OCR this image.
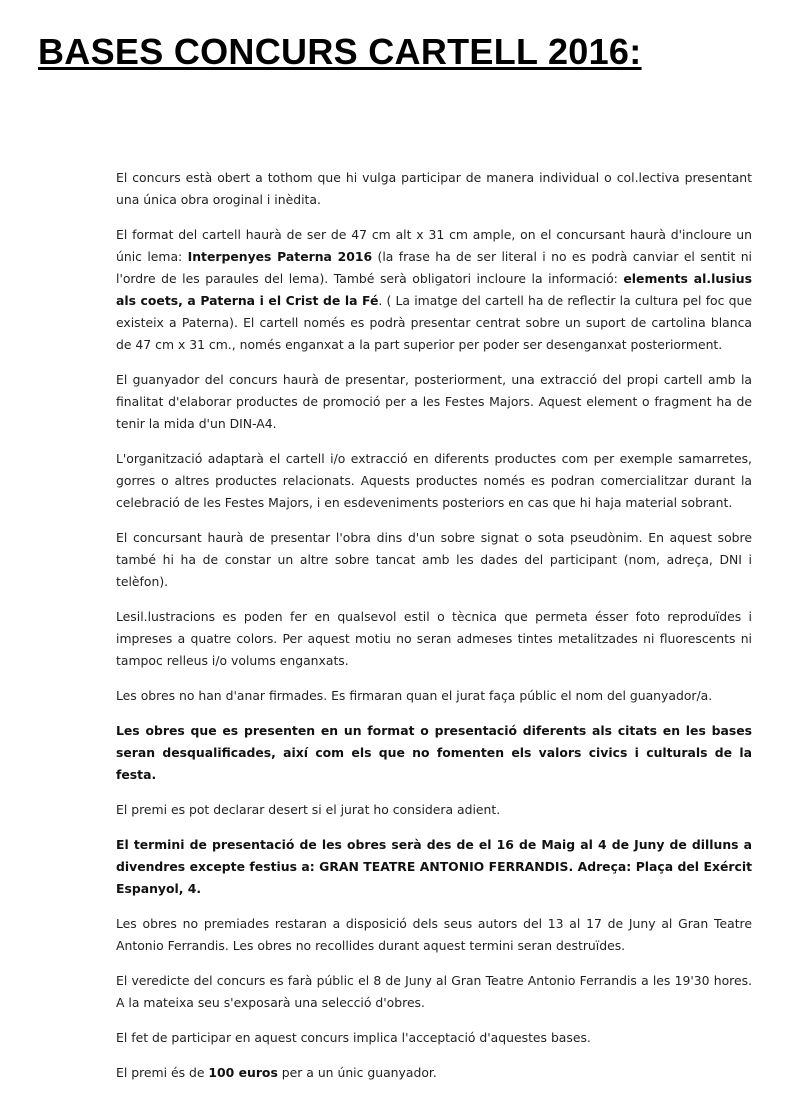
BASES CONCURS CARTELL 2016:

El concurs està obert a tothom que hi vulga participar de manera individual o col.lectiva presentant una única obra oroginal i inèdita.

El format del cartell haurà de ser de 47 cm alt x 31 cm ample, on el concursant haurà d'incloure un únic lema: Interpenyes Paterna 2016 (la frase ha de ser literal i no es podrà canviar el sentit ni l'ordre de les paraules del lema). També serà obligatori incloure la informació: elements al.lusius als coets, a Paterna i el Crist de la Fé. ( La imatge del cartell ha de reflectir la cultura pel foc que existeix a Paterna). El cartell només es podrà presentar centrat sobre un suport de cartolina blanca de 47 cm x 31 cm., només enganxat a la part superior per poder ser desenganxat posteriorment.

El guanyador del concurs haurà de presentar, posteriorment, una extracció del propi cartell amb la finalitat d'elaborar productes de promoció per a les Festes Majors. Aquest element o fragment ha de tenir la mida d'un DIN-A4.

L'organització adaptarà el cartell i/o extracció en diferents productes com per exemple samarretes, gorres o altres productes relacionats. Aquests productes només es podran comercialitzar durant la celebració de les Festes Majors, i en esdeveniments posteriors en cas que hi haja material sobrant.

El concursant haurà de presentar l'obra dins d'un sobre signat o sota pseudònim. En aquest sobre també hi ha de constar un altre sobre tancat amb les dades del participant (nom, adreça, DNI i telèfon).

Lesil.lustracions es poden fer en qualsevol estil o tècnica que permeta ésser foto reproduïdes i impreses a quatre colors. Per aquest motiu no seran admeses tintes metalitzades ni fluorescents ni tampoc relleus i/o volums enganxats.

Les obres no han d'anar firmades. Es firmaran quan el jurat faça públic el nom del guanyador/a.

Les obres que es presenten en un format o presentació diferents als citats en les bases seran desqualificades, així com els que no fomenten els valors civics i culturals de la festa.

El premi es pot declarar desert si el jurat ho considera adient.

El termini de presentació de les obres serà des de el 16 de Maig al 4 de Juny de dilluns a divendres excepte festius a: GRAN TEATRE ANTONIO FERRANDIS. Adreça: Plaça del Exércit Espanyol, 4.

Les obres no premiades restaran a disposició dels seus autors del 13 al 17 de Juny al Gran Teatre Antonio Ferrandis. Les obres no recollides durant aquest termini seran destruïdes.

El veredicte del concurs es farà públic el 8 de Juny al Gran Teatre Antonio Ferrandis a les 19'30 hores. A la mateixa seu s'exposarà una selecció d'obres.

El fet de participar en aquest concurs implica l'acceptació d'aquestes bases.

El premi és de 100 euros per a un únic guanyador.
